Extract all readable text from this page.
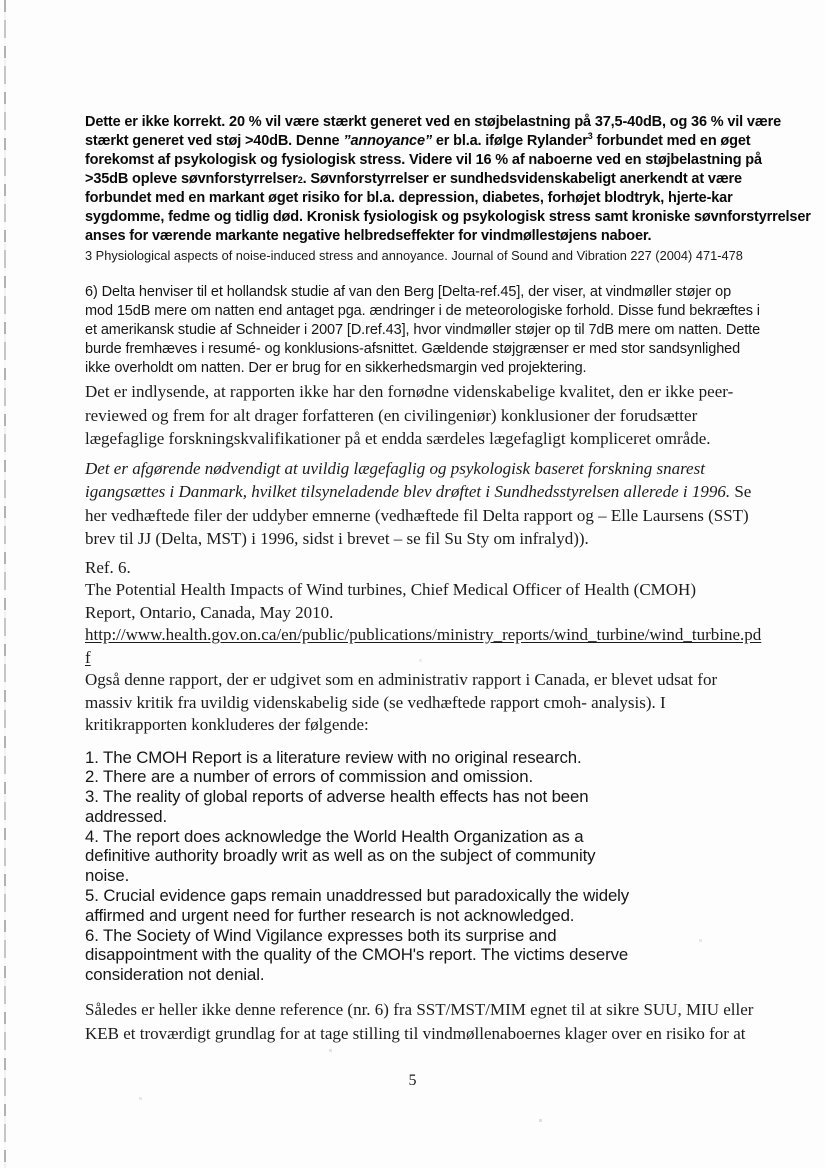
Dette er ikke korrekt. 20 % vil være stærkt generet ved en støjbelastning på 37,5-40dB, og 36 % vil være
stærkt generet ved støj >40dB. Denne ”annoyance” er bl.a. ifølge Rylander$^3$ forbundet med en øget
forekomst af psykologisk og fysiologisk stress. Videre vil 16 % af naboerne ved en støjbelastning på
>35dB opleve søvnforstyrrelser2. Søvnforstyrrelser er sundhedsvidenskabeligt anerkendt at være
forbundet med en markant øget risiko for bl.a. depression, diabetes, forhøjet blodtryk, hjerte-kar
sygdomme, fedme og tidlig død. Kronisk fysiologisk og psykologisk stress samt kroniske søvnforstyrrelser
anses for værende markante negative helbredseffekter for vindmøllestøjens naboer.
3 Physiological aspects of noise-induced stress and annoyance. Journal of Sound and Vibration 227 (2004) 471-478
6) Delta henviser til et hollandsk studie af van den Berg [Delta-ref.45], der viser, at vindmøller støjer op
mod 15dB mere om natten end antaget pga. ændringer i de meteorologiske forhold. Disse fund bekræftes i
et amerikansk studie af Schneider i 2007 [D.ref.43], hvor vindmøller støjer op til 7dB mere om natten. Dette
burde fremhæves i resumé- og konklusions-afsnittet. Gældende støjgrænser er med stor sandsynlighed
ikke overholdt om natten. Der er brug for en sikkerhedsmargin ved projektering.
Det er indlysende, at rapporten ikke har den fornødne videnskabelige kvalitet, den er ikke peer-
reviewed og frem for alt drager forfatteren (en civilingeniør) konklusioner der forudsætter
lægefaglige forskningskvalifikationer på et endda særdeles lægefagligt kompliceret område.
Det er afgørende nødvendigt at uvildig lægefaglig og psykologisk baseret forskning snarest
igangsættes i Danmark, hvilket tilsyneladende blev drøftet i Sundhedsstyrelsen allerede i 1996. Se
her vedhæftede filer der uddyber emnerne (vedhæftede fil Delta rapport og – Elle Laursens (SST)
brev til JJ (Delta, MST) i 1996, sidst i brevet – se fil Su Sty om infralyd)).
Ref. 6.
The Potential Health Impacts of Wind turbines, Chief Medical Officer of Health (CMOH)
Report, Ontario, Canada, May 2010.
http://www.health.gov.on.ca/en/public/publications/ministry_reports/wind_turbine/wind_turbine.pd
f
Også denne rapport, der er udgivet som en administrativ rapport i Canada, er blevet udsat for
massiv kritik fra uvildig videnskabelig side (se vedhæftede rapport cmoh- analysis). I
kritikrapporten konkluderes der følgende:
1. The CMOH Report is a literature review with no original research.
2. There are a number of errors of commission and omission.
3. The reality of global reports of adverse health effects has not been
addressed.
4. The report does acknowledge the World Health Organization as a
definitive authority broadly writ as well as on the subject of community
noise.
5. Crucial evidence gaps remain unaddressed but paradoxically the widely
affirmed and urgent need for further research is not acknowledged.
6. The Society of Wind Vigilance expresses both its surprise and
disappointment with the quality of the CMOH's report. The victims deserve
consideration not denial.
Således er heller ikke denne reference (nr. 6) fra SST/MST/MIM egnet til at sikre SUU, MIU eller
KEB et troværdigt grundlag for at tage stilling til vindmøllenaboernes klager over en risiko for at
5
